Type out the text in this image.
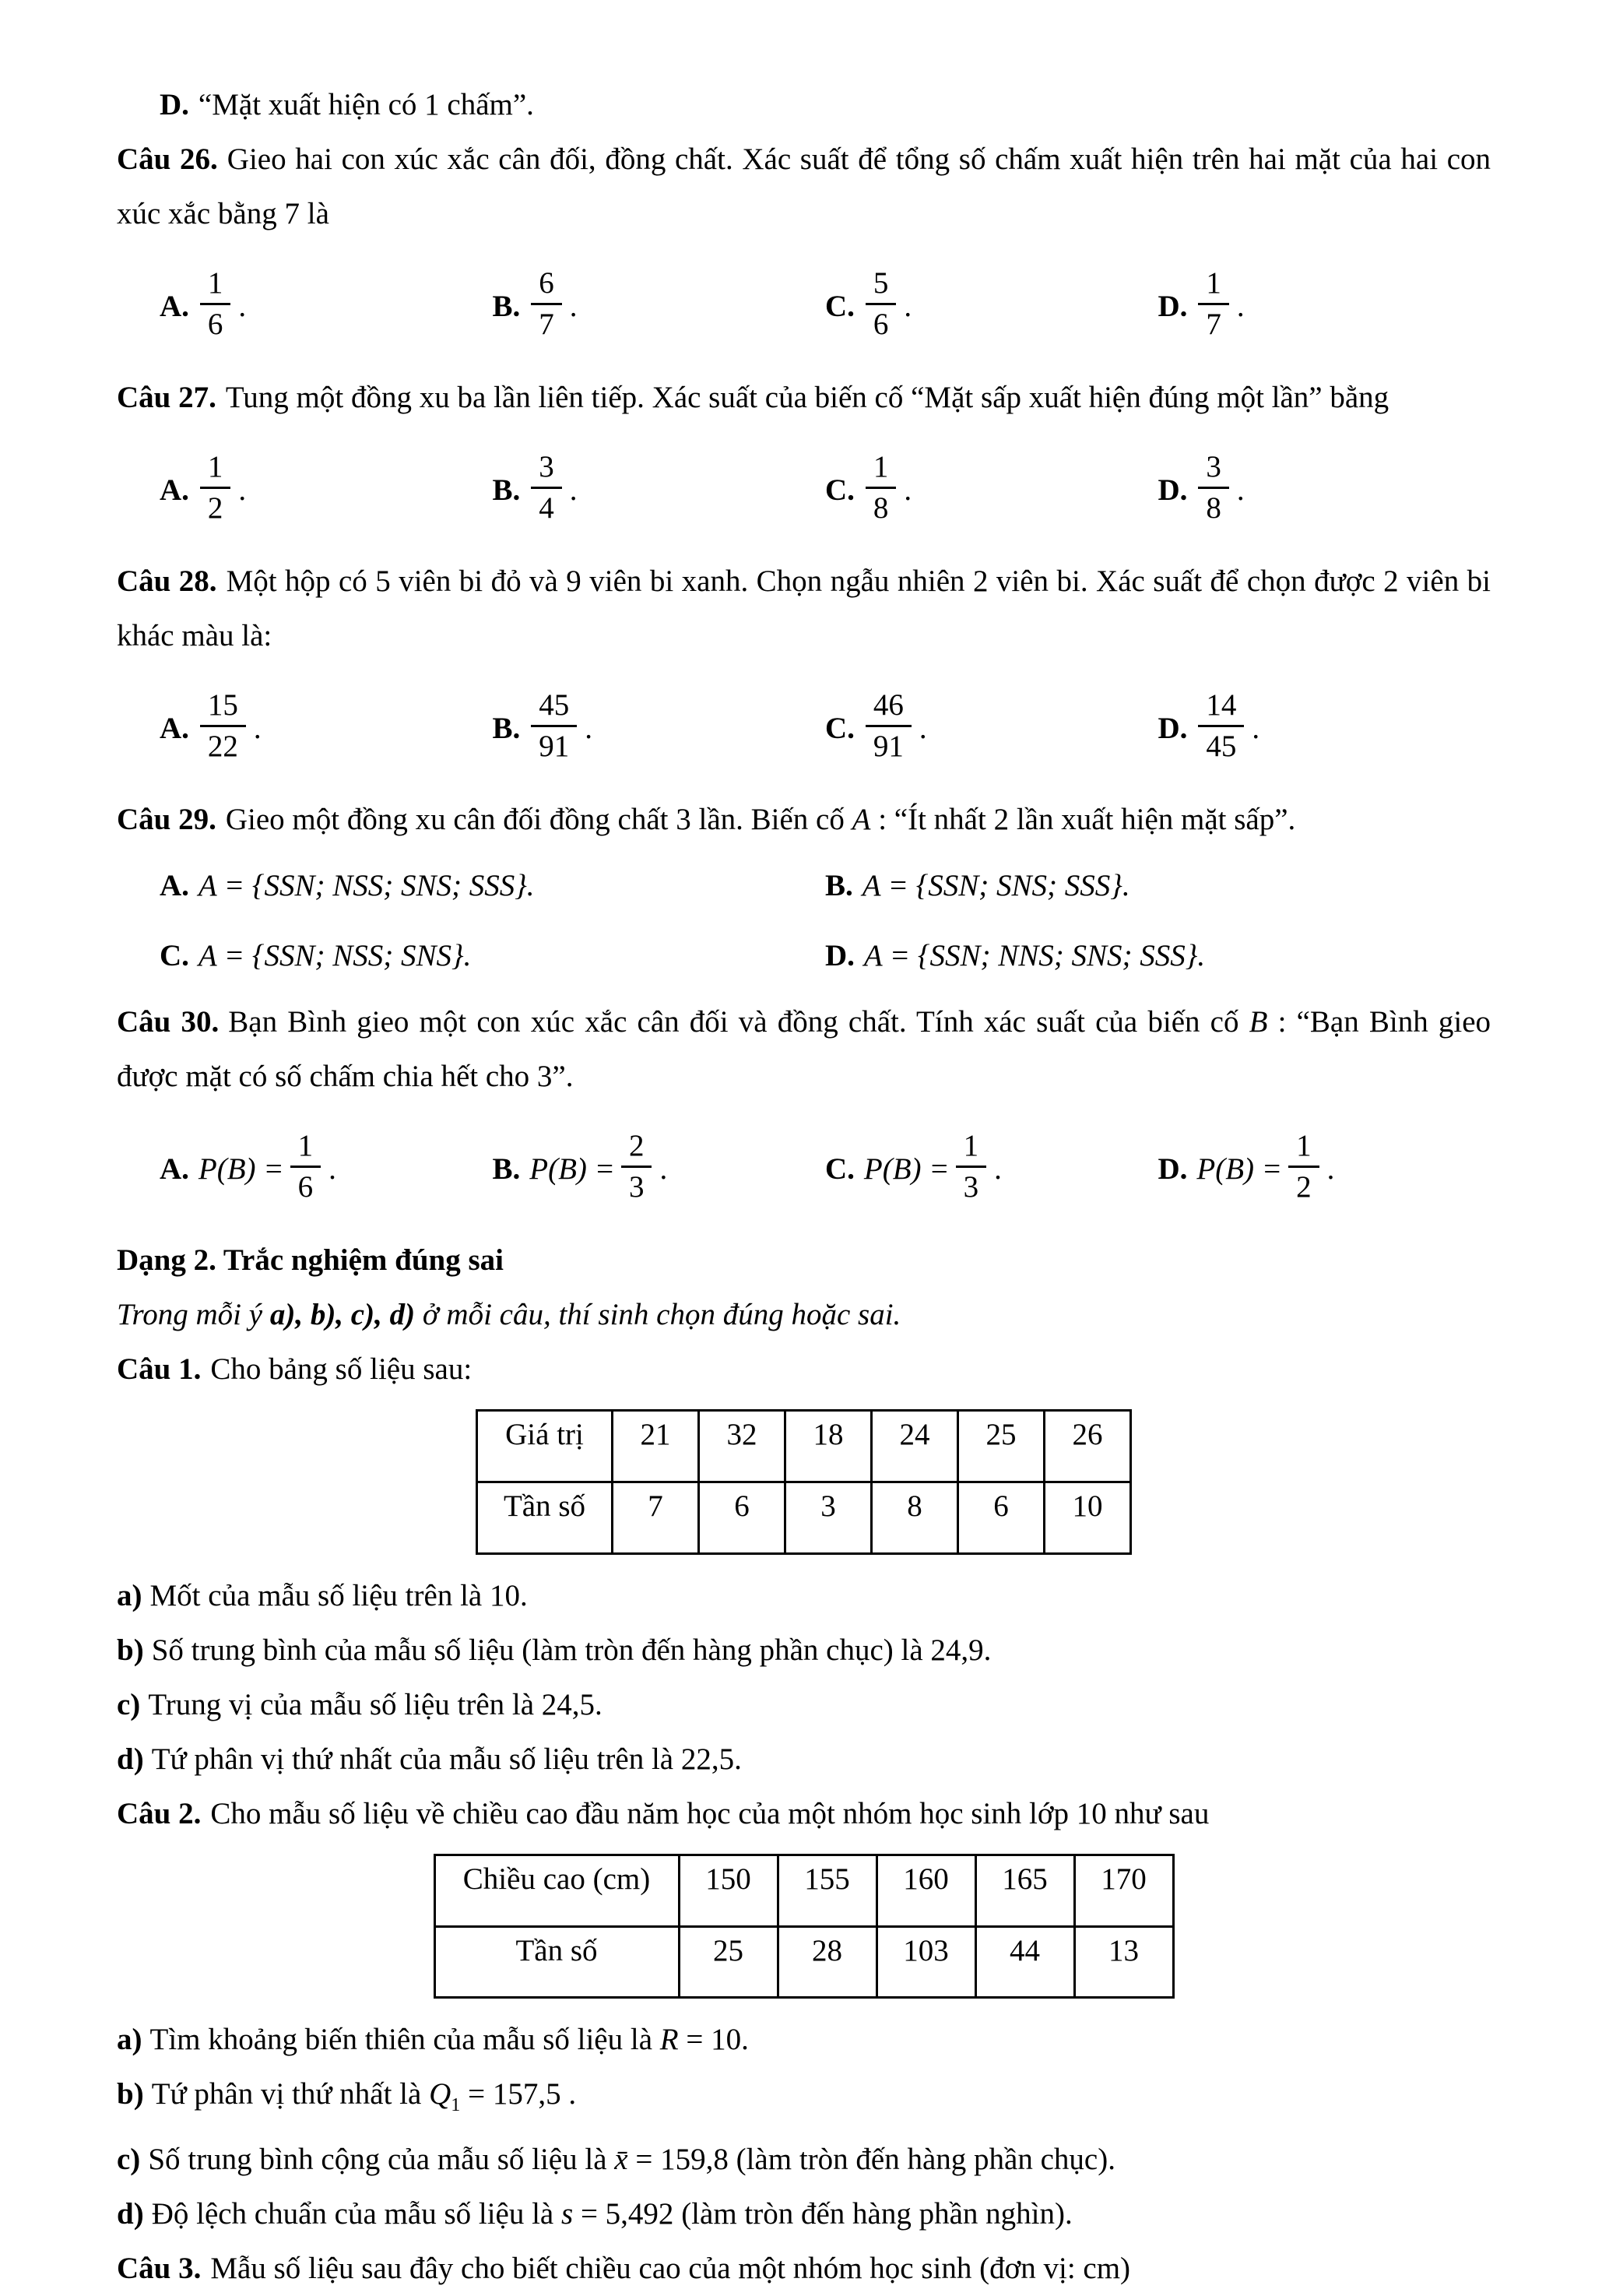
D. “Mặt xuất hiện có 1 chấm”.

Câu 26. Gieo hai con xúc xắc cân đối, đồng chất. Xác suất để tổng số chấm xuất hiện trên hai mặt của hai con xúc xắc bằng 7 là

A. $\frac{1}{6}$ .	B. $\frac{6}{7}$ .	C. $\frac{5}{6}$ .	D. $\frac{1}{7}$ .

Câu 27. Tung một đồng xu ba lần liên tiếp. Xác suất của biến cố “Mặt sấp xuất hiện đúng một lần” bằng

A. $\frac{1}{2}$ .	B. $\frac{3}{4}$ .	C. $\frac{1}{8}$ .	D. $\frac{3}{8}$ .

Câu 28. Một hộp có 5 viên bi đỏ và 9 viên bi xanh. Chọn ngẫu nhiên 2 viên bi. Xác suất để chọn được 2 viên bi khác màu là:

A. $\frac{15}{22}$ .	B. $\frac{45}{91}$ .	C. $\frac{46}{91}$ .	D. $\frac{14}{45}$ .

Câu 29. Gieo một đồng xu cân đối đồng chất 3 lần. Biến cố A : “Ít nhất 2 lần xuất hiện mặt sấp”.

A. A = {SSN; NSS; SNS; SSS}.	B. A = {SSN; SNS; SSS}.
C. A = {SSN; NSS; SNS}.	D. A = {SSN; NNS; SNS; SSS}.

Câu 30. Bạn Bình gieo một con xúc xắc cân đối và đồng chất. Tính xác suất của biến cố B : “Bạn Bình gieo được mặt có số chấm chia hết cho 3”.

A. $P(B) = \frac{1}{6}$ .	B. $P(B) = \frac{2}{3}$ .	C. $P(B) = \frac{1}{3}$ .	D. $P(B) = \frac{1}{2}$ .

Dạng 2. Trắc nghiệm đúng sai

Trong mỗi ý a), b), c), d) ở mỗi câu, thí sinh chọn đúng hoặc sai.

Câu 1. Cho bảng số liệu sau:

Giá trị	21	32	18	24	25	26
Tần số	7	6	3	8	6	10

a) Mốt của mẫu số liệu trên là 10.

b) Số trung bình của mẫu số liệu (làm tròn đến hàng phần chục) là 24,9.

c) Trung vị của mẫu số liệu trên là 24,5.

d) Tứ phân vị thứ nhất của mẫu số liệu trên là 22,5.

Câu 2. Cho mẫu số liệu về chiều cao đầu năm học của một nhóm học sinh lớp 10 như sau

Chiều cao (cm)	150	155	160	165	170
Tần số	25	28	103	44	13

a) Tìm khoảng biến thiên của mẫu số liệu là R = 10.

b) Tứ phân vị thứ nhất là $Q_1 = 157,5$ .

c) Số trung bình cộng của mẫu số liệu là x̄ = 159,8 (làm tròn đến hàng phần chục).

d) Độ lệch chuẩn của mẫu số liệu là s = 5,492 (làm tròn đến hàng phần nghìn).

Câu 3. Mẫu số liệu sau đây cho biết chiều cao của một nhóm học sinh (đơn vị: cm)
